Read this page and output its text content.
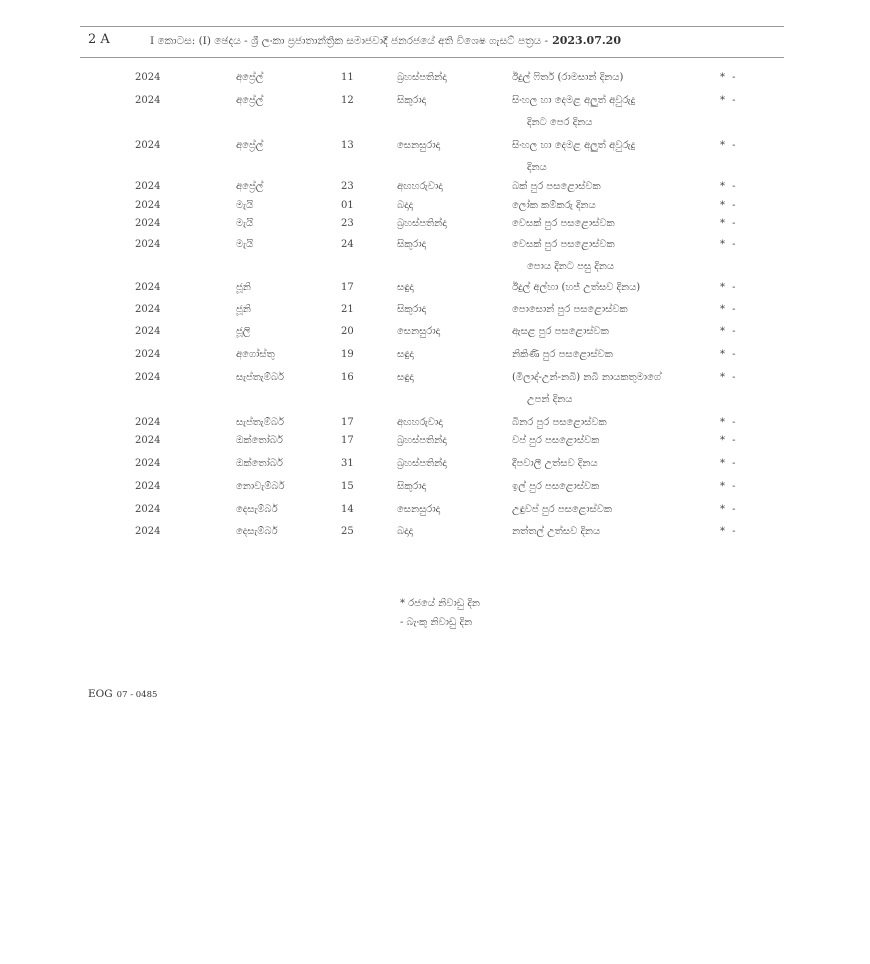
2 A	I කොටස: (I) ඡෙදය - ශ්‍රී ලංකා ප්‍රජාතාන්ත්‍රික සමාජවාදී ජනරජයේ අති විශෙෂ ගැසට් පත්‍රය - 2023.07.20
2024	අප්‍රේල්	11	බ්‍රහස්පතින්දා	ඊදුල් ෆිතර් (රාමසාන් දිනය)	* -
2024	අප්‍රේල්	12	සිකුරාදා	සිංහල හා දෙමළ අලුත් අවුරුදු	* -
දිනට පෙර දිනය
2024	අප්‍රේල්	13	සෙනසුරාදා	සිංහල හා දෙමළ අලුත් අවුරුදු	* -
දිනය
2024	අප්‍රේල්	23	අඟහරුවාදා	බක් පුර පසළොස්වක	* -
2024	මැයි	01	බදාදා	ලෝක කම්කරු දිනය	* -
2024	මැයි	23	බ්‍රහස්පතින්දා	වෙසක් පුර පසළොස්වක	* -
2024	මැයි	24	සිකුරාදා	වෙසක් පුර පසළොස්වක	* -
පොය දිනට පසු දිනය
2024	ජූනි	17	සඳුදා	ඊදුල් අල්හා (හජ් උත්සව දිනය)	* -
2024	ජූනි	21	සිකුරාදා	පොසොන් පුර පසළොස්වක	* -
2024	ජූලි	20	සෙනසුරාදා	ඇසළ පුර පසළොස්වක	* -
2024	අගෝස්තු	19	සඳුදා	නිකිණි පුර පසළොස්වක	* -
2024	සැප්තැම්බර්	16	සඳුදා	(මිලාද්-උන්-නබි) නබි නායකතුමාගේ	* -
උපන් දිනය
2024	සැප්තැම්බර්	17	අඟහරුවාදා	බිනර පුර පසළොස්වක	* -
2024	ඔක්තෝබර්	17	බ්‍රහස්පතින්දා	වප් පුර පසළොස්වක	* -
2024	ඔක්තෝබර්	31	බ්‍රහස්පතින්දා	දීපවාලී උත්සව දිනය	* -
2024	නොවැම්බර්	15	සිකුරාදා	ඉල් පුර පසළොස්වක	* -
2024	දෙසැම්බර්	14	සෙනසුරාදා	උඳුවප් පුර පසළොස්වක	* -
2024	දෙසැම්බර්	25	බදාදා	නත්තල් උත්සව දිනය	* -
* රජයේ නිවාඩු දින
- බැංකු නිවාඩු දින
EOG 07 - 0485
